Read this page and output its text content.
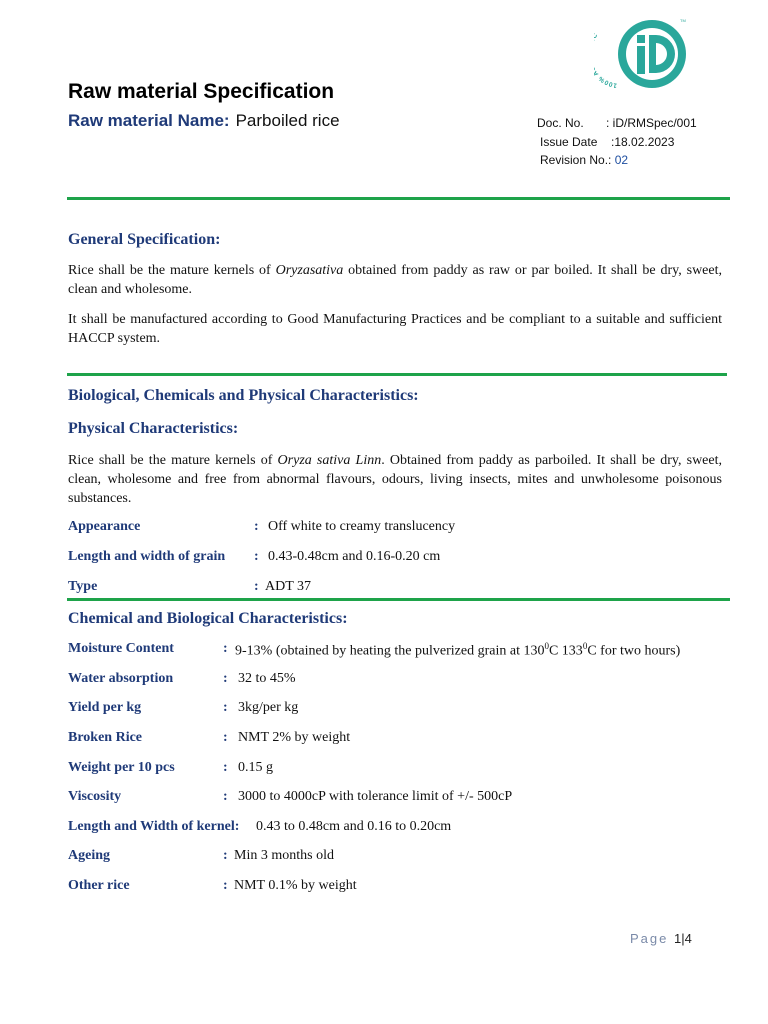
100%
TM
Raw material Specification
Raw material Name: Parboiled rice	Doc. No. : iD/RMSpec/001
Issue Date :18.02.2023
Revision No.: 02
General Specification:
Rice shall be the mature kernels of Oryzasativa obtained from paddy as raw or par boiled. It shall be dry, sweet, clean and wholesome.
It shall be manufactured according to Good Manufacturing Practices and be compliant to a suitable and sufficient HACCP system.
Biological, Chemicals and Physical Characteristics:
Physical Characteristics:
Rice shall be the mature kernels of Oryza sativa Linn. Obtained from paddy as parboiled. It shall be dry, sweet, clean, wholesome and free from abnormal flavours, odours, living insects, mites and unwholesome poisonous substances.
Appearance	: Off white to creamy translucency
Length and width of grain : 0.43-0.48cm and 0.16-0.20 cm
Type	: ADT 37
Chemical and Biological Characteristics:
Moisture Content	: 9-13% (obtained by heating the pulverized grain at $130^0C$ $133^0C$ for two hours)
Water absorption	: 32 to 45%
Yield per kg	: 3kg/per kg
Broken Rice	: NMT 2% by weight
Weight per 10 pcs	: 0.15 g
Viscosity	: 3000 to 4000cP with tolerance limit of +/- 500cP
Length and Width of kernel: 0.43 to 0.48cm and 0.16 to 0.20cm
Ageing	: Min 3 months old
Other rice	: NMT 0.1% by weight
Page 1|4
